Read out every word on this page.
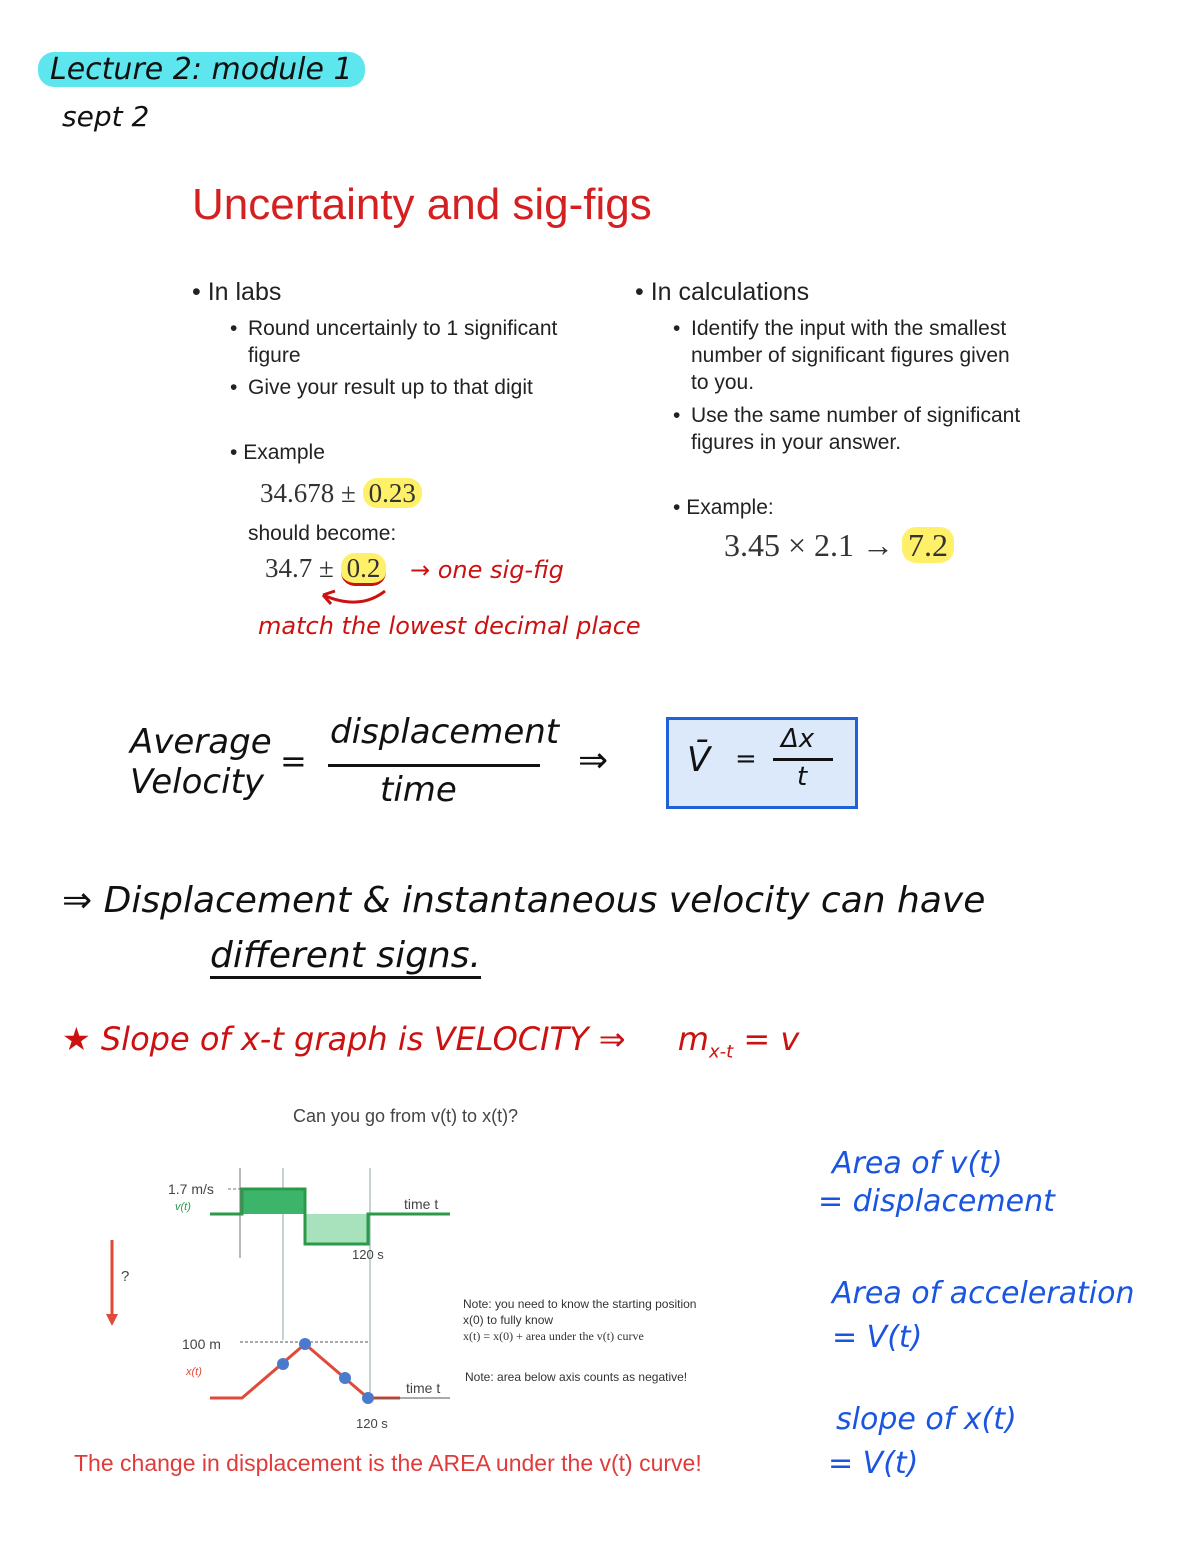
Lecture 2: module 1
sept 2
Uncertainty and sig-figs
• In labs
• Round uncertainly to 1 significant figure
• Give your result up to that digit
• Example
34.678 ± 0.23
should become:
34.7 ± 0.2 → one sig-fig
match the lowest decimal place
• In calculations
• Identify the input with the smallest number of significant figures given to you.
• Use the same number of significant figures in your answer.
• Example:
3.45 × 2.1 → 7.2
Average
Velocity
=
displacement
time
⇒ V̄ =
Δx
t
⇒ Displacement & instantaneous velocity can have
different signs.
★ Slope of x-t graph is VELOCITY ⇒ $m_{x-t} = v$
Can you go from v(t) to x(t)?
1.7 m/s
v(t)	time t
120 s
?
100 m
x(t)
time t
120 s
Note: you need to know the starting position
x(0) to fully know
x(t) = x(0) + area under the v(t) curve
Note: area below axis counts as negative!
The change in displacement is the AREA under the v(t) curve!
Area of v(t)
= displacement
Area of acceleration
= V(t)
slope of x(t)
= V(t)
